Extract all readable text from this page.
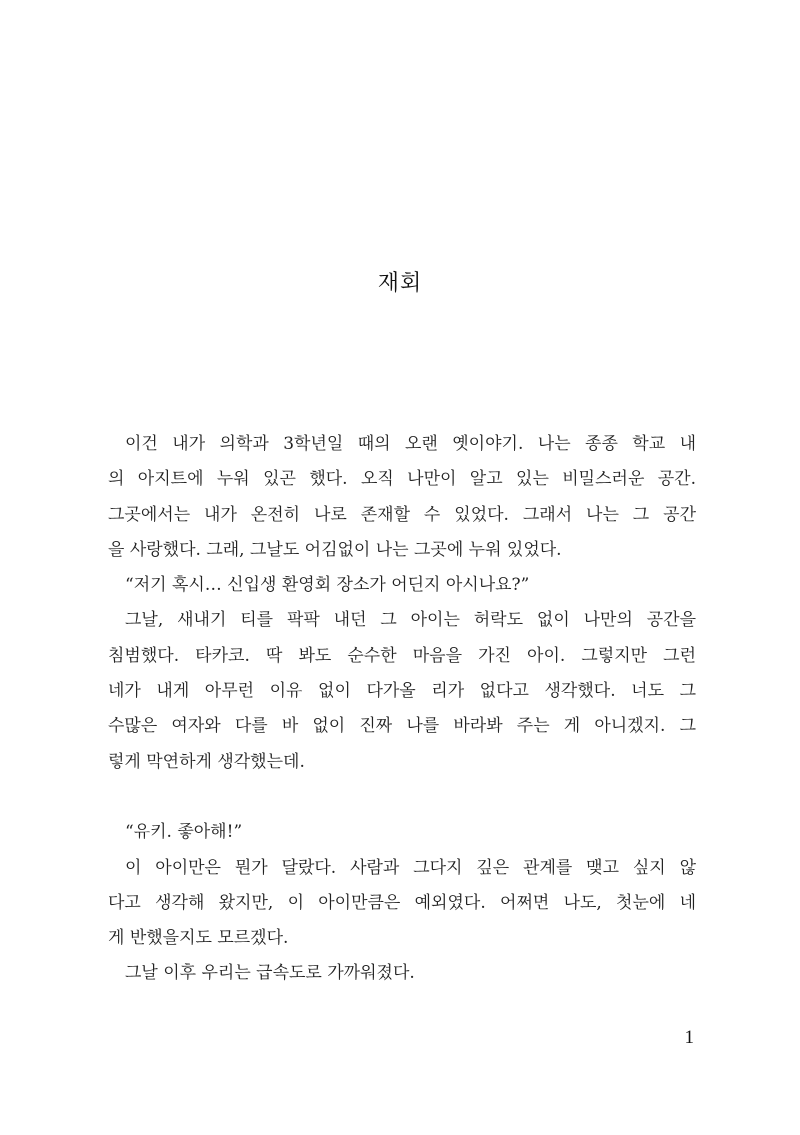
재회
이건 내가 의학과 3학년일 때의 오랜 옛이야기. 나는 종종 학교 내
의 아지트에 누워 있곤 했다. 오직 나만이 알고 있는 비밀스러운 공간.
그곳에서는 내가 온전히 나로 존재할 수 있었다. 그래서 나는 그 공간
을 사랑했다. 그래, 그날도 어김없이 나는 그곳에 누워 있었다.
“저기 혹시… 신입생 환영회 장소가 어딘지 아시나요?”
그날, 새내기 티를 팍팍 내던 그 아이는 허락도 없이 나만의 공간을
침범했다. 타카코. 딱 봐도 순수한 마음을 가진 아이. 그렇지만 그런
네가 내게 아무런 이유 없이 다가올 리가 없다고 생각했다. 너도 그
수많은 여자와 다를 바 없이 진짜 나를 바라봐 주는 게 아니겠지. 그
렇게 막연하게 생각했는데.
“유키. 좋아해!”
이 아이만은 뭔가 달랐다. 사람과 그다지 깊은 관계를 맺고 싶지 않
다고 생각해 왔지만, 이 아이만큼은 예외였다. 어쩌면 나도, 첫눈에 네
게 반했을지도 모르겠다.
그날 이후 우리는 급속도로 가까워졌다.
1
